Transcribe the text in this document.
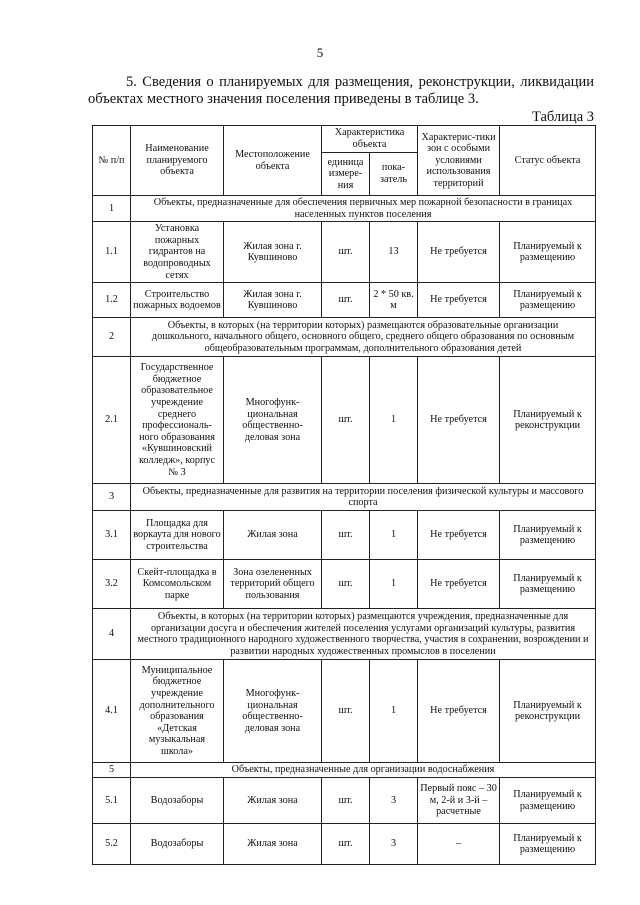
5

5. Сведения о планируемых для размещения, реконструкции, ликвидации объектах местного значения поселения приведены в таблице 3.

Таблица 3
№ п/п	Наименование планируемого объекта	Местоположение объекта	Характеристика объекта		Характерис-тики зон с особыми условиями использования территорий	Статус объекта
			единица измере-ния	пока-затель		
1	Объекты, предназначенные для обеспечения первичных мер пожарной безопасности в границах населенных пунктов поселения					
1.1	Установка пожарных гидрантов на водопроводных сетях	Жилая зона г. Кувшиново	шт.	13	Не требуется	Планируемый к размещению
1.2	Строительство пожарных водоемов	Жилая зона г. Кувшиново	шт.	2 * 50 кв. м	Не требуется	Планируемый к размещению
2	Объекты, в которых (на территории которых) размещаются образовательные организации дошкольного, начального общего, основного общего, среднего общего образования по основным общеобразовательным программам, дополнительного образования детей					
2.1	Государственное бюджетное образовательное учреждение среднего профессиональ-ного образования «Кувшиновский колледж», корпус № 3	Многофунк-циональная общественно-деловая зона	шт.	1	Не требуется	Планируемый к реконструкции
3	Объекты, предназначенные для развития на территории поселения физической культуры и массового спорта					
3.1	Площадка для воркаута для нового строительства	Жилая зона	шт.	1	Не требуется	Планируемый к размещению
3.2	Скейт-площадка в Комсомольском парке	Зона озелененных территорий общего пользования	шт.	1	Не требуется	Планируемый к размещению
4	Объекты, в которых (на территории которых) размещаются учреждения, предназначенные для организации досуга и обеспечения жителей поселения услугами организаций культуры, развития местного традиционного народного художественного творчества, участия в сохранении, возрождении и развитии народных художественных промыслов в поселении					
4.1	Муниципальное бюджетное учреждение дополнительного образования «Детская музыкальная школа»	Многофунк-циональная общественно-деловая зона	шт.	1	Не требуется	Планируемый к реконструкции
5	Объекты, предназначенные для организации водоснабжения					
5.1	Водозаборы	Жилая зона	шт.	3	Первый пояс – 30 м, 2-й и 3-й – расчетные	Планируемый к размещению
5.2	Водозаборы	Жилая зона	шт.	3	–	Планируемый к размещению
